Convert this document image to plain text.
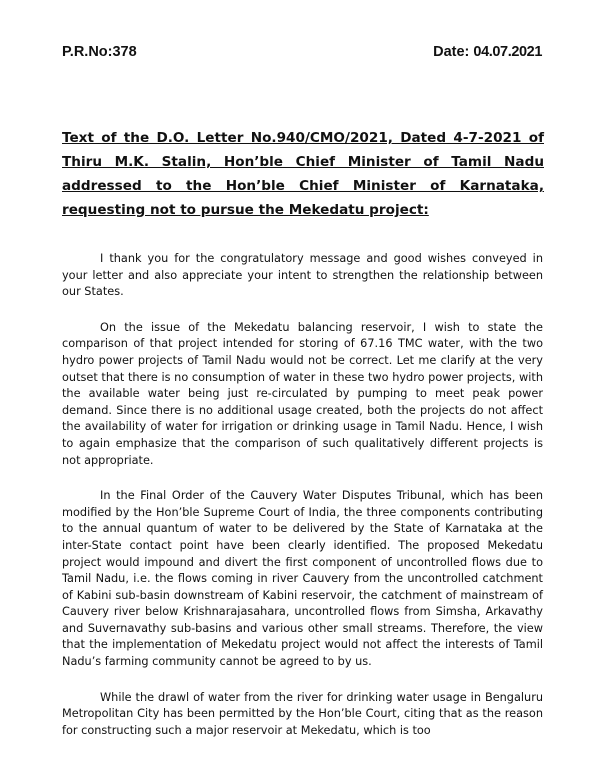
P.R.No:378	Date: 04.07.2021
Text of the D.O. Letter No.940/CMO/2021, Dated 4-7-2021 of
Thiru M.K. Stalin, Hon’ble Chief Minister of Tamil Nadu
addressed to the Hon’ble Chief Minister of Karnataka,
requesting not to pursue the Mekedatu project:

I thank you for the congratulatory message and good wishes conveyed in your letter and also appreciate your intent to strengthen the relationship between our States.

On the issue of the Mekedatu balancing reservoir, I wish to state the comparison of that project intended for storing of 67.16 TMC water, with the two hydro power projects of Tamil Nadu would not be correct. Let me clarify at the very outset that there is no consumption of water in these two hydro power projects, with the available water being just re-circulated by pumping to meet peak power demand. Since there is no additional usage created, both the projects do not affect the availability of water for irrigation or drinking usage in Tamil Nadu. Hence, I wish to again emphasize that the comparison of such qualitatively different projects is not appropriate.

In the Final Order of the Cauvery Water Disputes Tribunal, which has been modified by the Hon’ble Supreme Court of India, the three components contributing to the annual quantum of water to be delivered by the State of Karnataka at the inter-State contact point have been clearly identified. The proposed Mekedatu project would impound and divert the first component of uncontrolled flows due to Tamil Nadu, i.e. the flows coming in river Cauvery from the uncontrolled catchment of Kabini sub-basin downstream of Kabini reservoir, the catchment of mainstream of Cauvery river below Krishnarajasahara, uncontrolled flows from Simsha, Arkavathy and Suvernavathy sub-basins and various other small streams. Therefore, the view that the implementation of Mekedatu project would not affect the interests of Tamil Nadu’s farming community cannot be agreed to by us.

While the drawl of water from the river for drinking water usage in Bengaluru Metropolitan City has been permitted by the Hon’ble Court, citing that as the reason for constructing such a major reservoir at Mekedatu, which is too
